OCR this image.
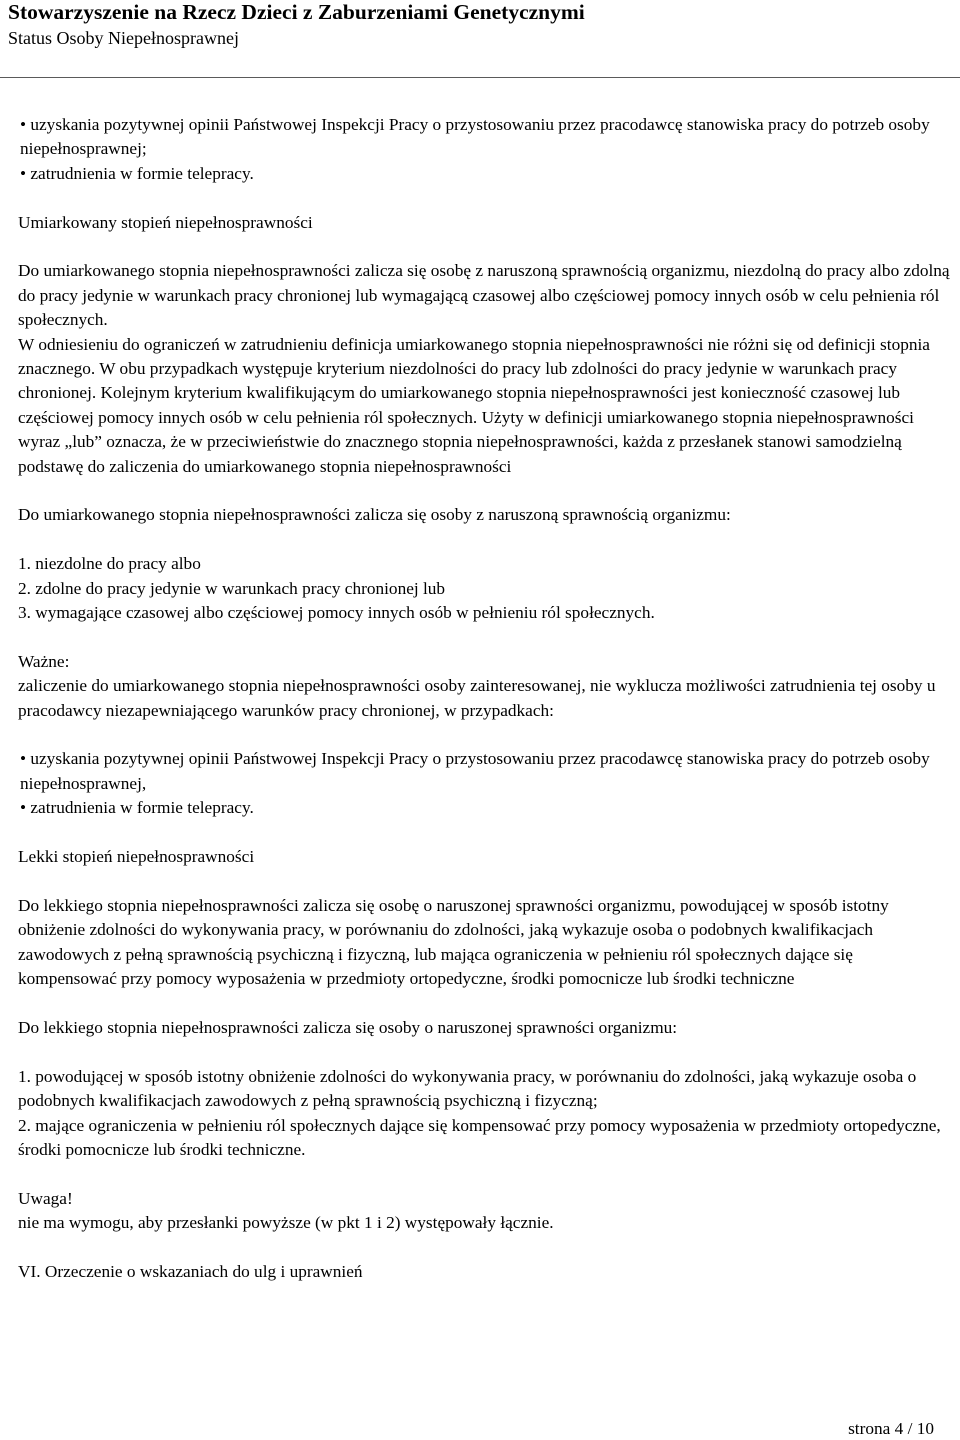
Stowarzyszenie na Rzecz Dzieci z Zaburzeniami Genetycznymi
Status Osoby Niepełnosprawnej

• uzyskania pozytywnej opinii Państwowej Inspekcji Pracy o przystosowaniu przez pracodawcę stanowiska pracy do potrzeb osoby niepełnosprawnej;

• zatrudnienia w formie telepracy.

Umiarkowany stopień niepełnosprawności

Do umiarkowanego stopnia niepełnosprawności zalicza się osobę z naruszoną sprawnością organizmu, niezdolną do pracy albo zdolną do pracy jedynie w warunkach pracy chronionej lub wymagającą czasowej albo częściowej pomocy innych osób w celu pełnienia ról społecznych.

W odniesieniu do ograniczeń w zatrudnieniu definicja umiarkowanego stopnia niepełnosprawności nie różni się od definicji stopnia znacznego. W obu przypadkach występuje kryterium niezdolności do pracy lub zdolności do pracy jedynie w warunkach pracy chronionej. Kolejnym kryterium kwalifikującym do umiarkowanego stopnia niepełnosprawności jest konieczność czasowej lub częściowej pomocy innych osób w celu pełnienia ról społecznych. Użyty w definicji umiarkowanego stopnia niepełnosprawności wyraz „lub” oznacza, że w przeciwieństwie do znacznego stopnia niepełnosprawności, każda z przesłanek stanowi samodzielną podstawę do zaliczenia do umiarkowanego stopnia niepełnosprawności

Do umiarkowanego stopnia niepełnosprawności zalicza się osoby z naruszoną sprawnością organizmu:

1. niezdolne do pracy albo

2. zdolne do pracy jedynie w warunkach pracy chronionej lub

3. wymagające czasowej albo częściowej pomocy innych osób w pełnieniu ról społecznych.

Ważne:

zaliczenie do umiarkowanego stopnia niepełnosprawności osoby zainteresowanej, nie wyklucza możliwości zatrudnienia tej osoby u pracodawcy niezapewniającego warunków pracy chronionej, w przypadkach:

• uzyskania pozytywnej opinii Państwowej Inspekcji Pracy o przystosowaniu przez pracodawcę stanowiska pracy do potrzeb osoby niepełnosprawnej,

• zatrudnienia w formie telepracy.

Lekki stopień niepełnosprawności

Do lekkiego stopnia niepełnosprawności zalicza się osobę o naruszonej sprawności organizmu, powodującej w sposób istotny obniżenie zdolności do wykonywania pracy, w porównaniu do zdolności, jaką wykazuje osoba o podobnych kwalifikacjach zawodowych z pełną sprawnością psychiczną i fizyczną, lub mająca ograniczenia w pełnieniu ról społecznych dające się kompensować przy pomocy wyposażenia w przedmioty ortopedyczne, środki pomocnicze lub środki techniczne

Do lekkiego stopnia niepełnosprawności zalicza się osoby o naruszonej sprawności organizmu:

1. powodującej w sposób istotny obniżenie zdolności do wykonywania pracy, w porównaniu do zdolności, jaką wykazuje osoba o podobnych kwalifikacjach zawodowych z pełną sprawnością psychiczną i fizyczną;

2. mające ograniczenia w pełnieniu ról społecznych dające się kompensować przy pomocy wyposażenia w przedmioty ortopedyczne, środki pomocnicze lub środki techniczne.

Uwaga!

nie ma wymogu, aby przesłanki powyższe (w pkt 1 i 2) występowały łącznie.

VI. Orzeczenie o wskazaniach do ulg i uprawnień

strona 4 / 10
